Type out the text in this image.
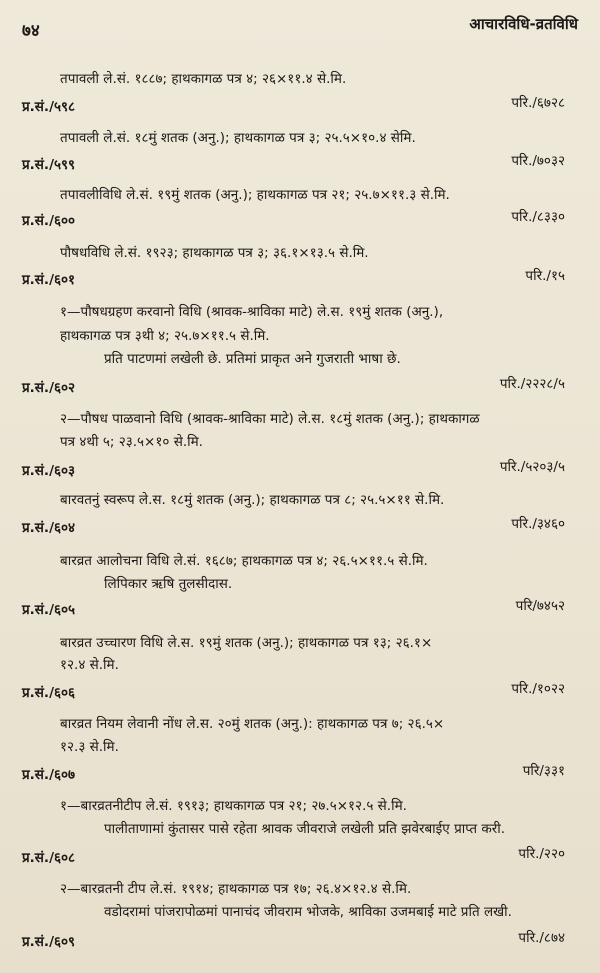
७४	आचारविधि-व्रतविधि
तपावली ले.सं. १८८७; हाथकागळ पत्र ४; २६×११.४ से.मि.
प्र.सं./५९८	परि./६७२८
तपावली ले.सं. १८मुं शतक (अनु.); हाथकागळ पत्र ३; २५.५×१०.४ सेमि.
प्र.सं./५९९	परि./७०३२
तपावलीविधि ले.सं. १९मुं शतक (अनु.); हाथकागळ पत्र २१; २५.७×११.३ से.मि.
प्र.सं./६००	परि./८३३०
पौषधविधि ले.सं. १९२३; हाथकागळ पत्र ३; ३६.१×१३.५ से.मि.
प्र.सं./६०१	परि./१५
१—पौषधग्रहण करवानो विधि (श्रावक-श्राविका माटे) ले.स. १९मुं शतक (अनु.),
हाथकागळ पत्र ३थी ४; २५.७×११.५ से.मि.
प्रति पाटणमां लखेली छे. प्रतिमां प्राकृत अने गुजराती भाषा छे.
प्र.सं./६०२	परि./२२२८/५
२—पौषध पाळवानो विधि (श्रावक-श्राविका माटे) ले.स. १८मुं शतक (अनु.); हाथकागळ
पत्र ४थी ५; २३.५×१० से.मि.
प्र.सं./६०३	परि./५२०३/५
बारवतनुं स्वरूप ले.स. १८मुं शतक (अनु.); हाथकागळ पत्र ८; २५.५×११ से.मि.
प्र.सं./६०४	परि./३४६०
बारव्रत आलोचना विधि ले.सं. १६८७; हाथकागळ पत्र ४; २६.५×११.५ से.मि.
लिपिकार ऋषि तुलसीदास.
प्र.सं./६०५	परि/७४५२
बारव्रत उच्चारण विधि ले.स. १९मुं शतक (अनु.); हाथकागळ पत्र १३; २६.१×
१२.४ से.मि.
प्र.सं./६०६	परि./१०२२
बारव्रत नियम लेवानी नोंध ले.स. २०मुं शतक (अनु.): हाथकागळ पत्र ७; २६.५×
१२.३ से.मि.
प्र.सं./६०७	परि/३३१
१—बारव्रतनीटीप ले.सं. १९१३; हाथकागळ पत्र २१; २७.५×१२.५ से.मि.
पालीताणामां कुंतासर पासे रहेता श्रावक जीवराजे लखेली प्रति झवेरबाईए प्राप्त करी.
प्र.सं./६०८	परि./२२०
२—बारव्रतनी टीप ले.सं. १९१४; हाथकागळ पत्र १७; २६.४×१२.४ से.मि.
वडोदरामां पांजरापोळमां पानाचंद जीवराम भोजके, श्राविका उजमबाई माटे प्रति लखी.
प्र.सं./६०९	परि./८७४
